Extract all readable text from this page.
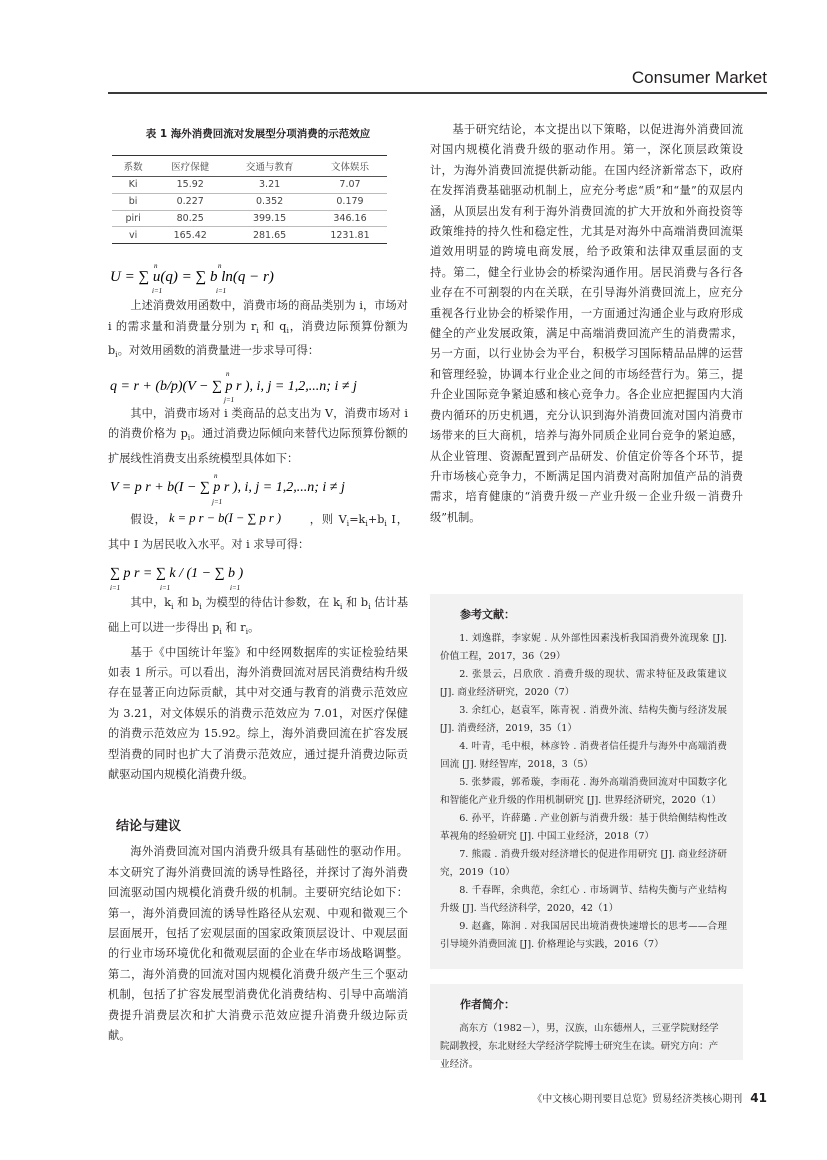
Consumer Market
表 1 海外消费回流对发展型分项消费的示范效应
系数	医疗保健	交通与教育	文体娱乐
Ki	15.92	3.21	7.07
bi	0.227	0.352	0.179
piri	80.25	399.15	346.16
vi	165.42	281.65	1231.81
U = ∑ u(q) = ∑ b ln(q − r)
i=1
n
i=1
n

上述消费效用函数中，消费市场的商品类别为 i，市场对 i 的需求量和消费量分别为 $r_i$ 和 $q_i$，消费边际预算份额为 $b_i$。对效用函数的消费量进一步求导可得：

q = r + (b/p)(V − ∑ p r ), i, j = 1,2,...n; i ≠ j
j=1
n

其中，消费市场对 i 类商品的总支出为 V，消费市场对 i 的消费价格为 $p_i$。通过消费边际倾向来替代边际预算份额的扩展线性消费支出系统模型具体如下：

V = p r + b(I − ∑ p r ), i, j = 1,2,...n; i ≠ j
j=1
n

假设， k = p r − b(I − ∑ p r )	，则 $V_i=k_i+b_i$ I，其中 I 为居民收入水平。对 i 求导可得：

∑ p r = ∑ k / (1 − ∑ b )
i=1	i=1	i=1

其中，$k_i$ 和 $b_i$ 为模型的待估计参数，在 $k_i$ 和 $b_i$ 估计基础上可以进一步得出 $p_i$ 和 $r_i$。

基于《中国统计年鉴》和中经网数据库的实证检验结果如表 1 所示。可以看出，海外消费回流对居民消费结构升级存在显著正向边际贡献，其中对交通与教育的消费示范效应为 3.21，对文体娱乐的消费示范效应为 7.01，对医疗保健的消费示范效应为 15.92。综上，海外消费回流在扩容发展型消费的同时也扩大了消费示范效应，通过提升消费边际贡献驱动国内规模化消费升级。

结论与建议

海外消费回流对国内消费升级具有基础性的驱动作用。本文研究了海外消费回流的诱导性路径，并探讨了海外消费回流驱动国内规模化消费升级的机制。主要研究结论如下：第一，海外消费回流的诱导性路径从宏观、中观和微观三个层面展开，包括了宏观层面的国家政策顶层设计、中观层面的行业市场环境优化和微观层面的企业在华市场战略调整。第二，海外消费的回流对国内规模化消费升级产生三个驱动机制，包括了扩容发展型消费优化消费结构、引导中高端消费提升消费层次和扩大消费示范效应提升消费升级边际贡献。

基于研究结论，本文提出以下策略，以促进海外消费回流对国内规模化消费升级的驱动作用。第一，深化顶层政策设计，为海外消费回流提供新动能。在国内经济新常态下，政府在发挥消费基础驱动机制上，应充分考虑“质”和“量”的双层内涵，从顶层出发有利于海外消费回流的扩大开放和外商投资等政策维持的持久性和稳定性，尤其是对海外中高端消费回流渠道效用明显的跨境电商发展，给予政策和法律双重层面的支持。第二，健全行业协会的桥梁沟通作用。居民消费与各行各业存在不可割裂的内在关联，在引导海外消费回流上，应充分重视各行业协会的桥梁作用，一方面通过沟通企业与政府形成健全的产业发展政策，满足中高端消费回流产生的消费需求，另一方面，以行业协会为平台，积极学习国际精品品牌的运营和管理经验，协调本行业企业之间的市场经营行为。第三，提升企业国际竞争紧迫感和核心竞争力。各企业应把握国内大消费内循环的历史机遇，充分认识到海外消费回流对国内消费市场带来的巨大商机，培养与海外同质企业同台竞争的紧迫感，从企业管理、资源配置到产品研发、价值定价等各个环节，提升市场核心竞争力，不断满足国内消费对高附加值产品的消费需求，培育健康的“消费升级－产业升级－企业升级－消费升级”机制。

参考文献：

1. 刘逸群，李家妮 . 从外部性因素浅析我国消费外流现象 [J]. 价值工程，2017，36（29）

2. 张景云，吕欣欣 . 消费升级的现状、需求特征及政策建议 [J]. 商业经济研究，2020（7）

3. 余红心，赵袁军，陈青祝 . 消费外流、结构失衡与经济发展 [J]. 消费经济，2019，35（1）

4. 叶青，毛中根，林彦铃 . 消费者信任提升与海外中高端消费回流 [J]. 财经智库，2018，3（5）

5. 张梦霞，郭希璇，李雨花 . 海外高端消费回流对中国数字化和智能化产业升级的作用机制研究 [J]. 世界经济研究，2020（1）

6. 孙平，许薛璐 . 产业创新与消费升级：基于供给侧结构性改革视角的经验研究 [J]. 中国工业经济，2018（7）

7. 熊霞 . 消费升级对经济增长的促进作用研究 [J]. 商业经济研究，2019（10）

8. 千春晖，余典范，余红心 . 市场调节、结构失衡与产业结构升级 [J]. 当代经济科学，2020，42（1）

9. 赵鑫，陈润 . 对我国居民出境消费快速增长的思考——合理引导境外消费回流 [J]. 价格理论与实践，2016（7）

作者简介：

高东方（1982－），男，汉族，山东德州人，三亚学院财经学院副教授，东北财经大学经济学院博士研究生在读。研究方向：产业经济。

《中文核心期刊要目总览》贸易经济类核心期刊 41
